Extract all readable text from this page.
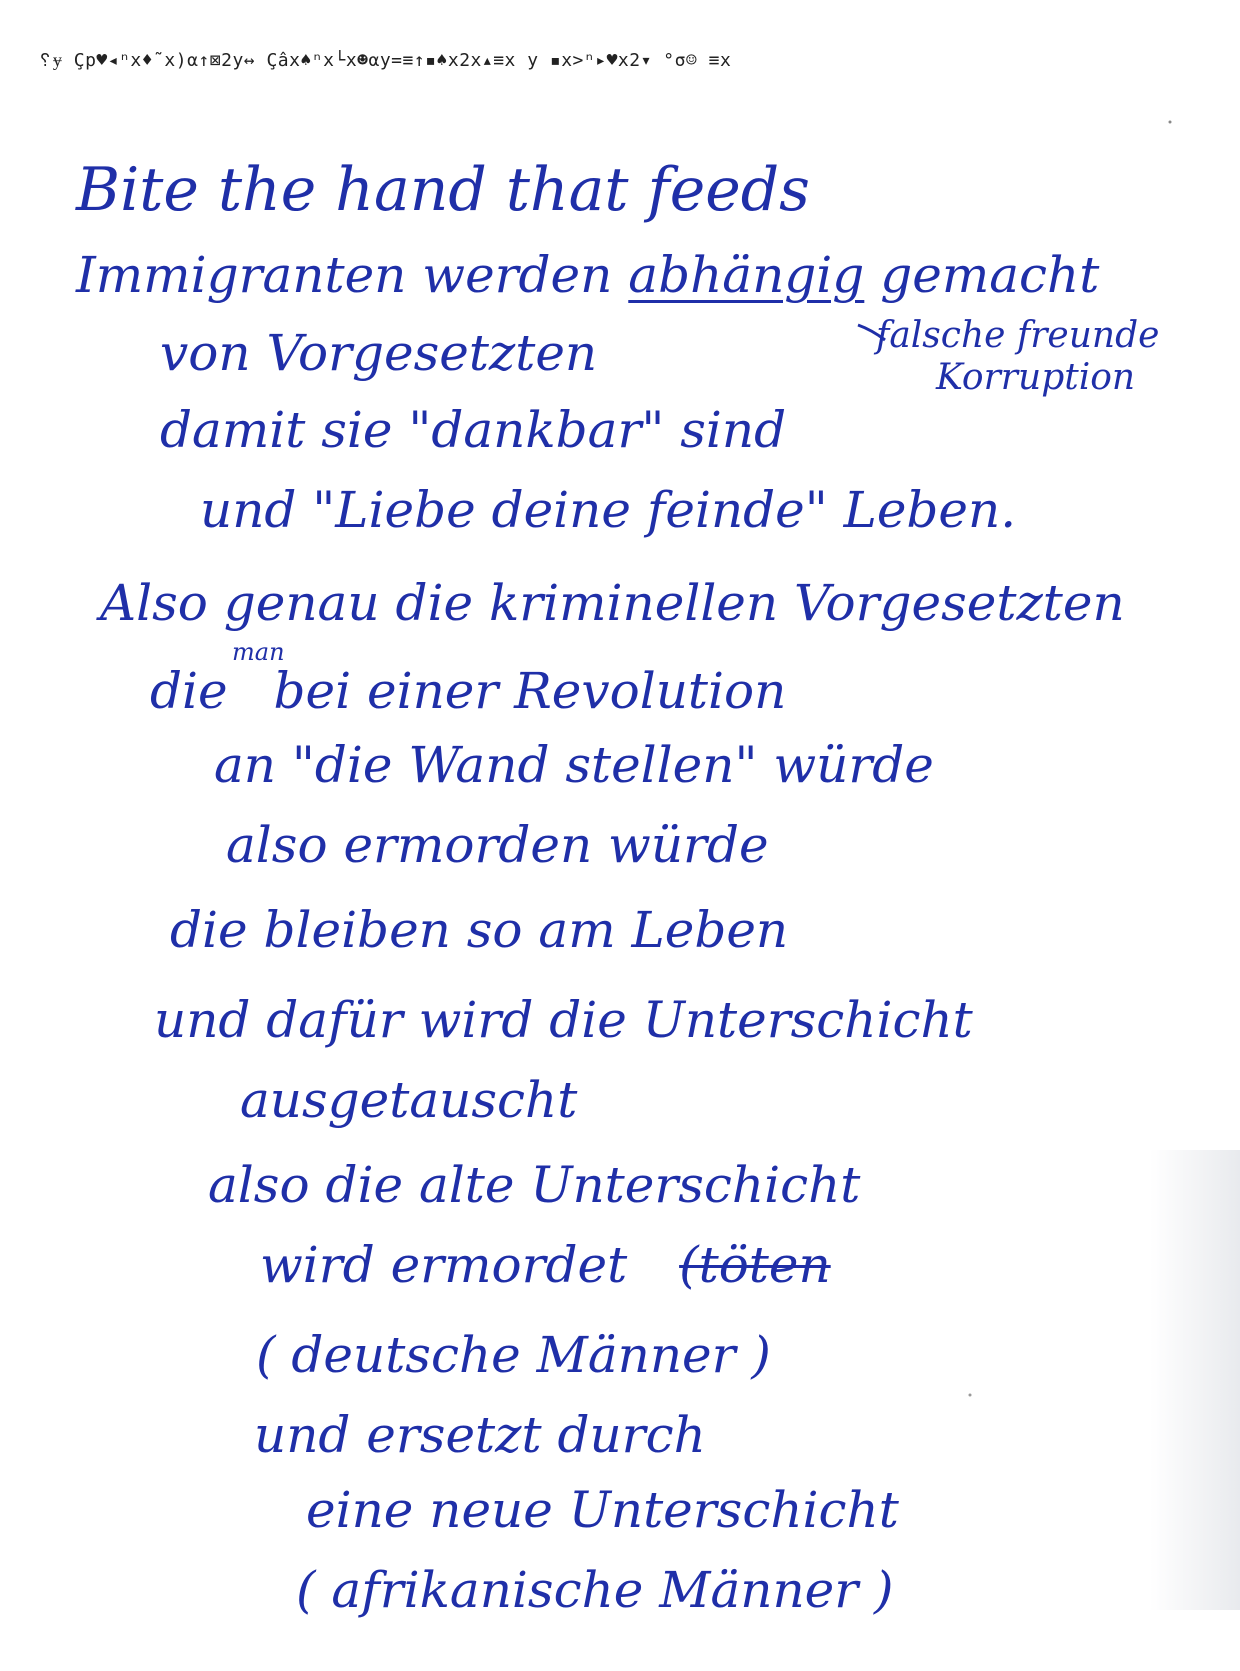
␦ɏ Çp♥◂ⁿx♦˜x)α↑⊠2y↔ Çâx♠ⁿx└x☻αy=≡↑▪♠x2x▴≡x y ▪x>ⁿ▸♥x2▾ °σ☺ ≡x
Bite the hand that feeds
Immigranten werden abhängig gemacht
von Vorgesetzten	falsche freunde
Korruption
damit sie "dankbar" sind
und "Liebe deine feinde" Leben.
Also genau die kriminellen Vorgesetzten
man
die bei einer Revolution
an "die Wand stellen" würde
also ermorden würde
die bleiben so am Leben
und dafür wird die Unterschicht
ausgetauscht
also die alte Unterschicht
wird ermordet (töten
( deutsche Männer )
und ersetzt durch
eine neue Unterschicht
( afrikanische Männer )
